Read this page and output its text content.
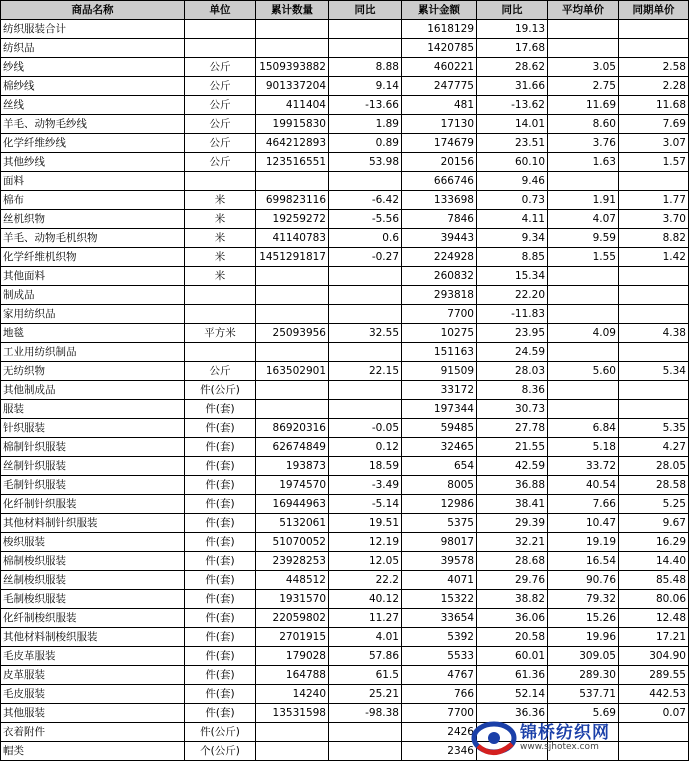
商品名称	单位	累计数量	同比	累计金额	同比	平均单价	同期单价
纺织服装合计				1618129	19.13		
纺织品				1420785	17.68		
纱线	公斤	1509393882	8.88	460221	28.62	3.05	2.58
棉纱线	公斤	901337204	9.14	247775	31.66	2.75	2.28
丝线	公斤	411404	-13.66	481	-13.62	11.69	11.68
羊毛、动物毛纱线	公斤	19915830	1.89	17130	14.01	8.60	7.69
化学纤维纱线	公斤	464212893	0.89	174679	23.51	3.76	3.07
其他纱线	公斤	123516551	53.98	20156	60.10	1.63	1.57
面料				666746	9.46		
棉布	米	699823116	-6.42	133698	0.73	1.91	1.77
丝机织物	米	19259272	-5.56	7846	4.11	4.07	3.70
羊毛、动物毛机织物	米	41140783	0.6	39443	9.34	9.59	8.82
化学纤维机织物	米	1451291817	-0.27	224928	8.85	1.55	1.42
其他面料	米			260832	15.34		
制成品				293818	22.20		
家用纺织品				7700	-11.83		
地毯	平方米	25093956	32.55	10275	23.95	4.09	4.38
工业用纺织制品				151163	24.59		
无纺织物	公斤	163502901	22.15	91509	28.03	5.60	5.34
其他制成品	件(公斤)			33172	8.36		
服装	件(套)			197344	30.73		
针织服装	件(套)	86920316	-0.05	59485	27.78	6.84	5.35
棉制针织服装	件(套)	62674849	0.12	32465	21.55	5.18	4.27
丝制针织服装	件(套)	193873	18.59	654	42.59	33.72	28.05
毛制针织服装	件(套)	1974570	-3.49	8005	36.88	40.54	28.58
化纤制针织服装	件(套)	16944963	-5.14	12986	38.41	7.66	5.25
其他材料制针织服装	件(套)	5132061	19.51	5375	29.39	10.47	9.67
梭织服装	件(套)	51070052	12.19	98017	32.21	19.19	16.29
棉制梭织服装	件(套)	23928253	12.05	39578	28.68	16.54	14.40
丝制梭织服装	件(套)	448512	22.2	4071	29.76	90.76	85.48
毛制梭织服装	件(套)	1931570	40.12	15322	38.82	79.32	80.06
化纤制梭织服装	件(套)	22059802	11.27	33654	36.06	15.26	12.48
其他材料制梭织服装	件(套)	2701915	4.01	5392	20.58	19.96	17.21
毛皮革服装	件(套)	179028	57.86	5533	60.01	309.05	304.90
皮革服装	件(套)	164788	61.5	4767	61.36	289.30	289.55
毛皮服装	件(套)	14240	25.21	766	52.14	537.71	442.53
其他服装	件(套)	13531598	-98.38	7700	36.36	5.69	0.07
衣着附件	件(公斤)			2426			
帽类	个(公斤)			2346			
锦桥纺织网
www.sjhotex.com
